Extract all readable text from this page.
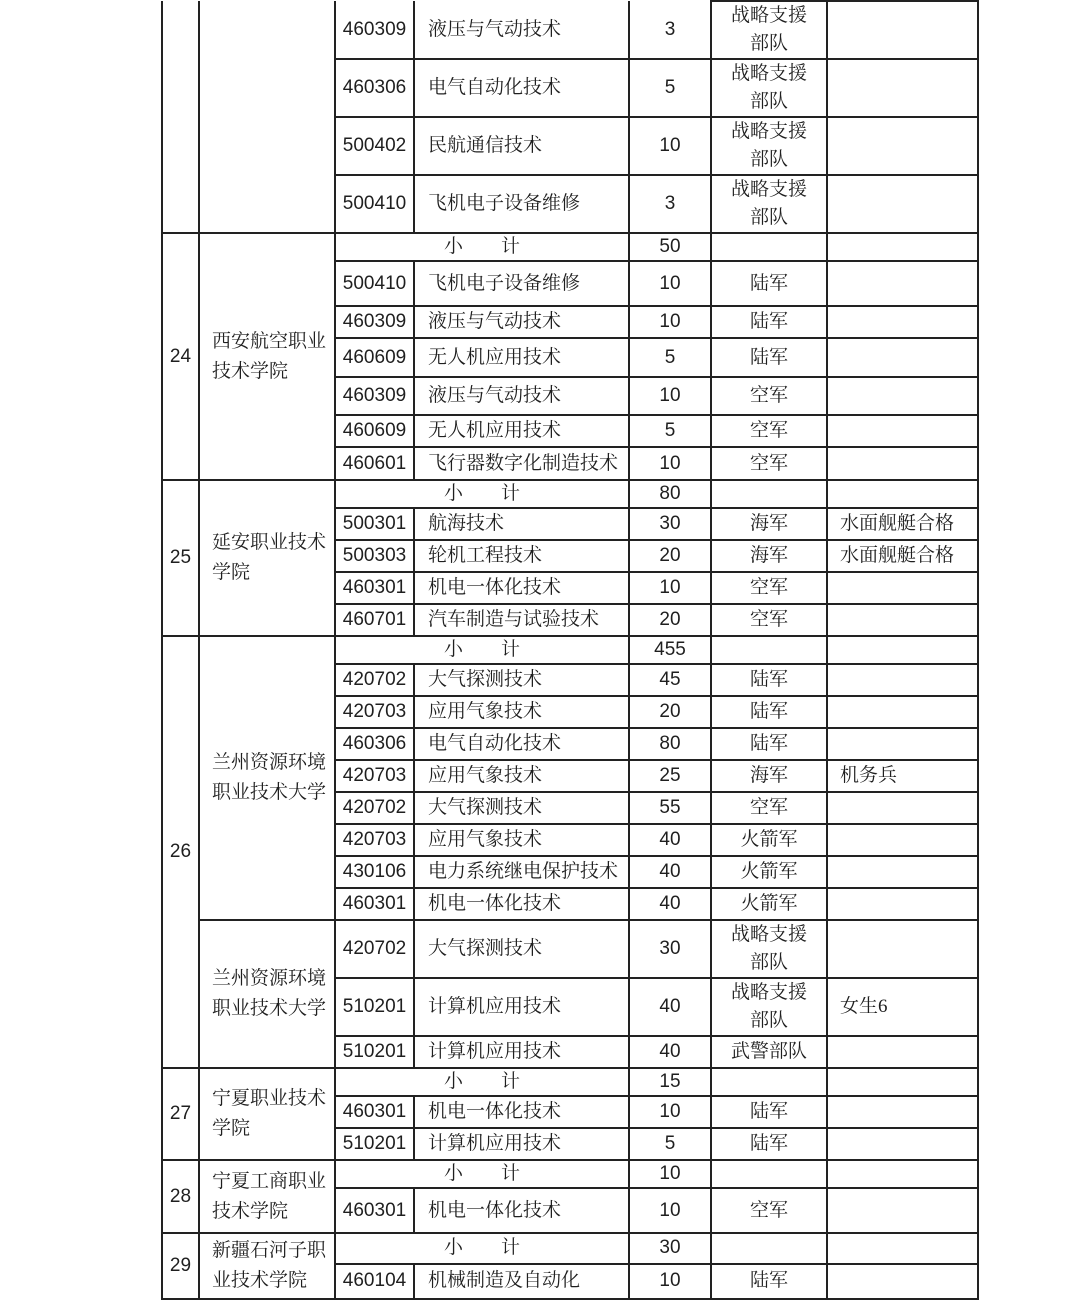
		460309	液压与气动技术	3	战略支援部队	
		460306	电气自动化技术	5	战略支援部队	
		500402	民航通信技术	10	战略支援部队	
		500410	飞机电子设备维修	3	战略支援部队	
24	西安航空职业技术学院	小　　计		50		
		500410	飞机电子设备维修	10	陆军	
		460309	液压与气动技术	10	陆军	
		460609	无人机应用技术	5	陆军	
		460309	液压与气动技术	10	空军	
		460609	无人机应用技术	5	空军	
		460601	飞行器数字化制造技术	10	空军	
25	延安职业技术学院	小　　计		80		
		500301	航海技术	30	海军	水面舰艇合格
		500303	轮机工程技术	20	海军	水面舰艇合格
		460301	机电一体化技术	10	空军	
		460701	汽车制造与试验技术	20	空军	
26	兰州资源环境职业技术大学	小　　计		455		
		420702	大气探测技术	45	陆军	
		420703	应用气象技术	20	陆军	
		460306	电气自动化技术	80	陆军	
		420703	应用气象技术	25	海军	机务兵
		420702	大气探测技术	55	空军	
		420703	应用气象技术	40	火箭军	
		430106	电力系统继电保护技术	40	火箭军	
		460301	机电一体化技术	40	火箭军	
	兰州资源环境职业技术大学	420702	大气探测技术	30	战略支援部队	
		510201	计算机应用技术	40	战略支援部队	女生6
		510201	计算机应用技术	40	武警部队	
27	宁夏职业技术学院	小　　计		15		
		460301	机电一体化技术	10	陆军	
		510201	计算机应用技术	5	陆军	
28	宁夏工商职业技术学院	小　　计		10		
		460301	机电一体化技术	10	空军	
29	新疆石河子职业技术学院	小　　计		30		
		460104	机械制造及自动化	10	陆军	
